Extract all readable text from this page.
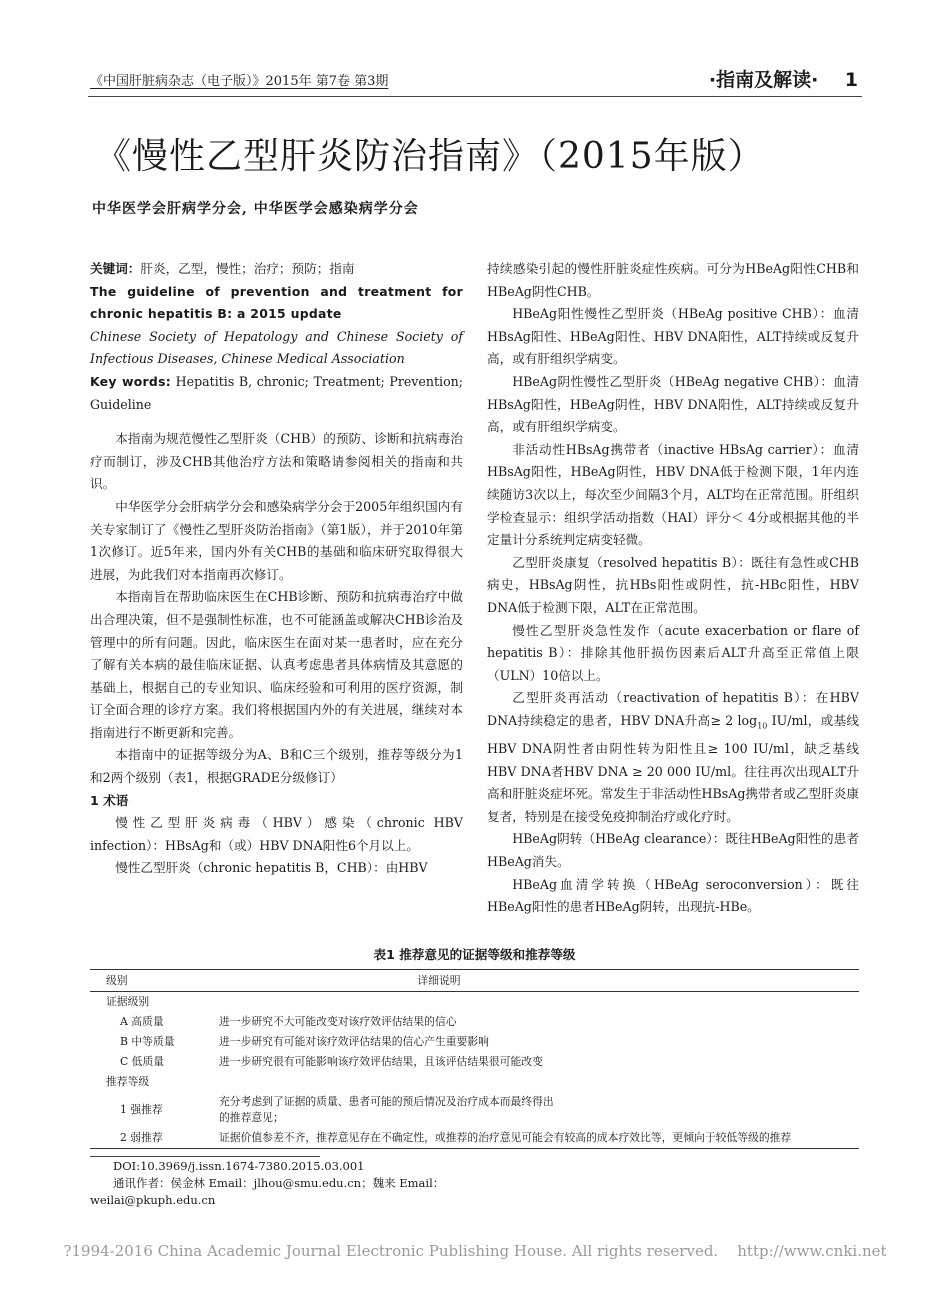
《中国肝脏病杂志（电子版）》2015年 第7卷 第3期	·指南及解读· 1
《慢性乙型肝炎防治指南》（2015年版）
中华医学会肝病学分会, 中华医学会感染病学分会

关键词：肝炎，乙型，慢性；治疗；预防；指南

The guideline of prevention and treatment for chronic hepatitis B: a 2015 update

Chinese Society of Hepatology and Chinese Society of Infectious Diseases, Chinese Medical Association

Key words: Hepatitis B, chronic; Treatment; Prevention; Guideline

本指南为规范慢性乙型肝炎（CHB）的预防、诊断和抗病毒治疗而制订，涉及CHB其他治疗方法和策略请参阅相关的指南和共识。

中华医学分会肝病学分会和感染病学分会于2005年组织国内有关专家制订了《慢性乙型肝炎防治指南》（第1版），并于2010年第1次修订。近5年来，国内外有关CHB的基础和临床研究取得很大进展，为此我们对本指南再次修订。

本指南旨在帮助临床医生在CHB诊断、预防和抗病毒治疗中做出合理决策，但不是强制性标准，也不可能涵盖或解决CHB诊治及管理中的所有问题。因此，临床医生在面对某一患者时，应在充分了解有关本病的最佳临床证据、认真考虑患者具体病情及其意愿的基础上，根据自己的专业知识、临床经验和可利用的医疗资源，制订全面合理的诊疗方案。我们将根据国内外的有关进展，继续对本指南进行不断更新和完善。

本指南中的证据等级分为A、B和C三个级别，推荐等级分为1和2两个级别（表1，根据GRADE分级修订）

1 术语

慢性乙型肝炎病毒（HBV）感染（chronic HBV infection）：HBsAg和（或）HBV DNA阳性6个月以上。

慢性乙型肝炎（chronic hepatitis B，CHB）：由HBV

持续感染引起的慢性肝脏炎症性疾病。可分为HBeAg阳性CHB和HBeAg阴性CHB。

HBeAg阳性慢性乙型肝炎（HBeAg positive CHB）：血清HBsAg阳性、HBeAg阳性、HBV DNA阳性，ALT持续或反复升高，或有肝组织学病变。

HBeAg阴性慢性乙型肝炎（HBeAg negative CHB）：血清HBsAg阳性，HBeAg阴性，HBV DNA阳性，ALT持续或反复升高，或有肝组织学病变。

非活动性HBsAg携带者（inactive HBsAg carrier）：血清HBsAg阳性，HBeAg阴性，HBV DNA低于检测下限，1年内连续随访3次以上，每次至少间隔3个月，ALT均在正常范围。肝组织学检查显示：组织学活动指数（HAI）评分＜ 4分或根据其他的半定量计分系统判定病变轻微。

乙型肝炎康复（resolved hepatitis B）：既往有急性或CHB病史，HBsAg阴性，抗HBs阳性或阴性，抗-HBc阳性，HBV DNA低于检测下限，ALT在正常范围。

慢性乙型肝炎急性发作（acute exacerbation or flare of hepatitis B）：排除其他肝损伤因素后ALT升高至正常值上限（ULN）10倍以上。

乙型肝炎再活动（reactivation of hepatitis B）：在HBV DNA持续稳定的患者，HBV DNA升高≥ 2 $\log_{10} IU/ml$，或基线HBV DNA阴性者由阴性转为阳性且≥ 100 IU/ml，缺乏基线HBV DNA者HBV DNA ≥ 20 000 IU/ml。往往再次出现ALT升高和肝脏炎症坏死。常发生于非活动性HBsAg携带者或乙型肝炎康复者，特别是在接受免疫抑制治疗或化疗时。

HBeAg阴转（HBeAg clearance）：既往HBeAg阳性的患者HBeAg消失。

HBeAg血清学转换（HBeAg seroconversion）：既往HBeAg阳性的患者HBeAg阴转，出现抗-HBe。

表1 推荐意见的证据等级和推荐等级
级别	详细说明
证据级别	
A 高质量	进一步研究不大可能改变对该疗效评估结果的信心
B 中等质量	进一步研究有可能对该疗效评估结果的信心产生重要影响
C 低质量	进一步研究很有可能影响该疗效评估结果，且该评估结果很可能改变
推荐等级	
1 强推荐	充分考虑到了证据的质量、患者可能的预后情况及治疗成本而最终得出
的推荐意见；

2 弱推荐	证据价值参差不齐，推荐意见存在不确定性，或推荐的治疗意见可能会有较高的成本疗效比等，更倾向于较低等级的推荐

DOI:10.3969/j.issn.1674-7380.2015.03.001

通讯作者：侯金林 Email：jlhou@smu.edu.cn；魏来 Email：weilai@pkuph.edu.cn

?1994-2016 China Academic Journal Electronic Publishing House. All rights reserved.    http://www.cnki.net
